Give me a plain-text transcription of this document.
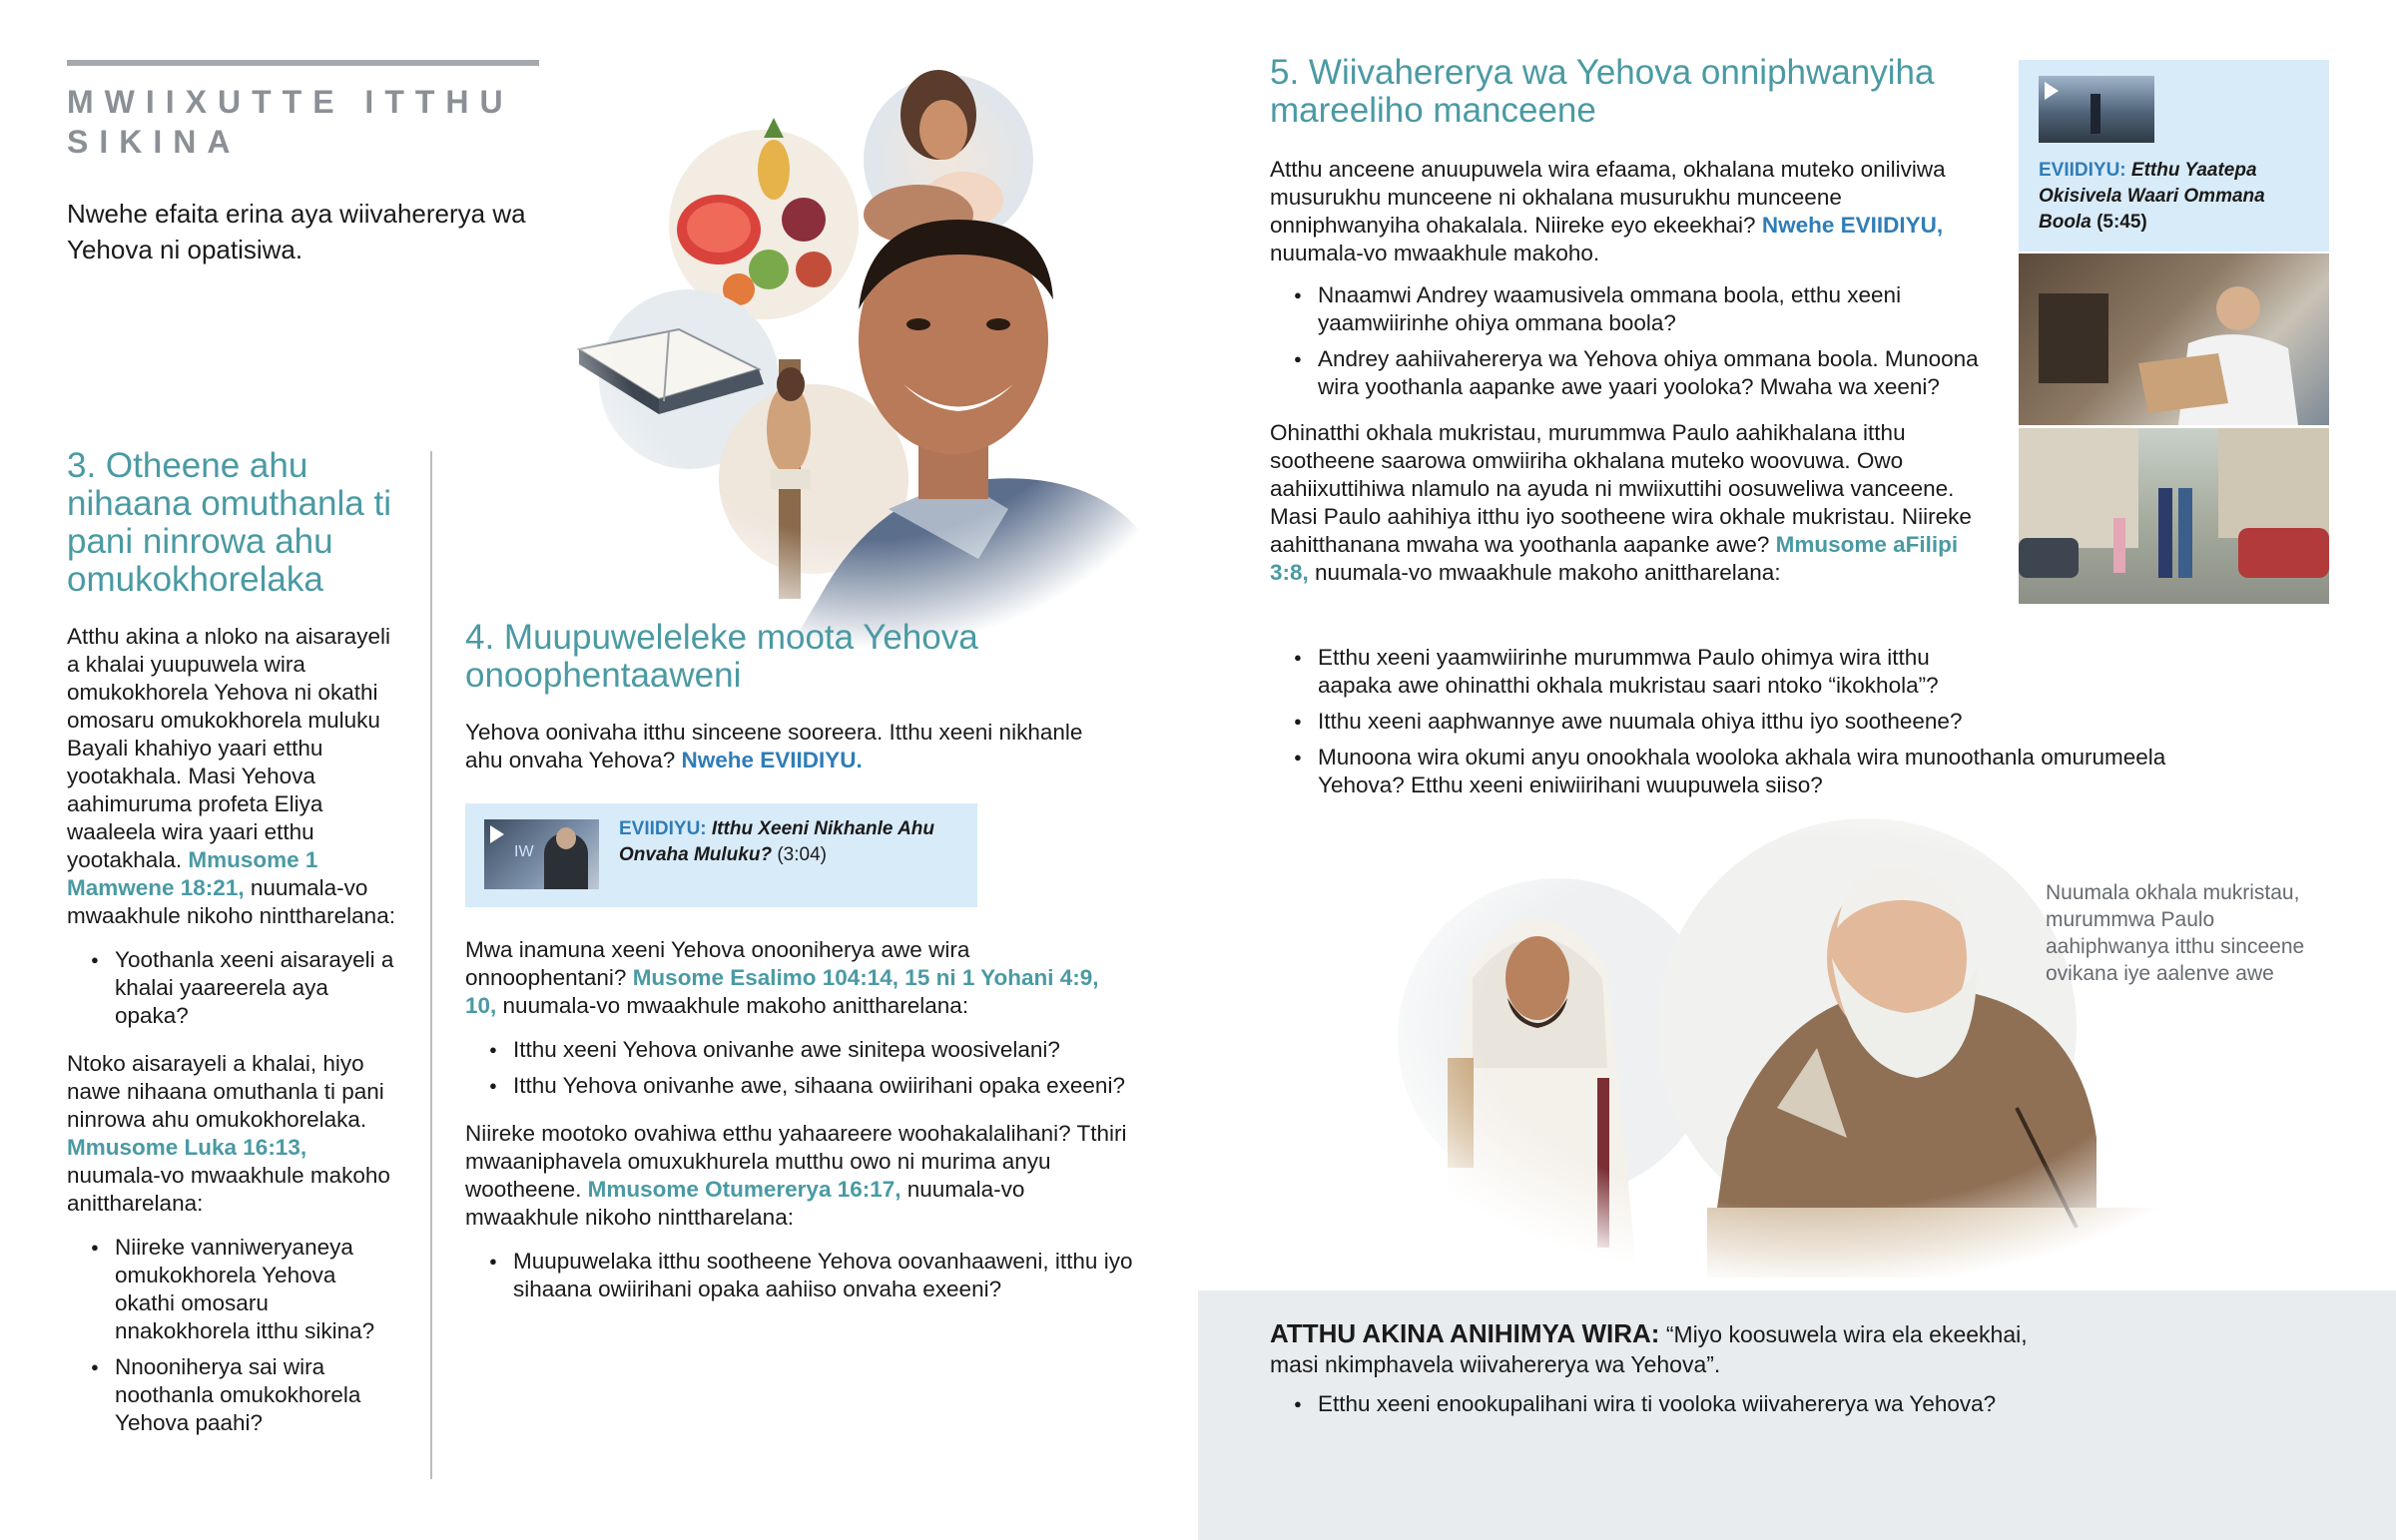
MWIIXUTTE ITTHU SIKINA
Nwehe efaita erina aya wiivahererya wa Yehova ni opatisiwa.
3. Otheene ahu nihaana omuthanla ti pani ninrowa ahu omukokhorelaka

Atthu akina a nloko na aisarayeli a khalai yuupuwela wira omukokhorela Yehova ni okathi omosaru omukokhorela muluku Bayali khahiyo yaari etthu yootakhala. Masi Yehova aahimuruma profeta Eliya waaleela wira yaari etthu yootakhala. Mmusome 1 Mamwene 18:21, nuumala-vo mwaakhule nikoho ninttharelana:

● Yoothanla xeeni aisarayeli a khalai yaareerela aya opaka?

Ntoko aisarayeli a khalai, hiyo nawe nihaana omuthanla ti pani ninrowa ahu omukokhorelaka. Mmusome Luka 16:13, nuumala-vo mwaakhule makoho anittharelana:

● Niireke vanniweryaneya omukokhorela Yehova okathi omosaru nnakokhorela itthu sikina?
● Nnooniherya sai wira noothanla omukokhorela Yehova paahi?
4. Muupuweleleke moota Yehova onoophentaaweni
Yehova oonivaha itthu sinceene sooreera. Itthu xeeni nikhanle ahu onvaha Yehova? Nwehe EVIIDIYU.
IW
EVIIDIYU: Itthu Xeeni Nikhanle Ahu Onvaha Muluku? (3:04)

Mwa inamuna xeeni Yehova onooniherya awe wira onnoophentani? Musome Esalimo 104:14, 15 ni 1 Yohani 4:9, 10, nuumala-vo mwaakhule makoho anittharelana:

● Itthu xeeni Yehova onivanhe awe sinitepa woosivelani?
● Itthu Yehova onivanhe awe, sihaana owiirihani opaka exeeni?

Niireke mootoko ovahiwa etthu yahaareere woohakalalihani? Tthiri mwaaniphavela omuxukhurela mutthu owo ni murima anyu wootheene. Mmusome Otumererya 16:17, nuumala-vo mwaakhule nikoho ninttharelana:

● Muupuwelaka itthu sootheene Yehova oovanhaaweni, itthu iyo sihaana owiirihani opaka aahiiso onvaha exeeni?
5. Wiivahererya wa Yehova onniphwanyiha mareeliho manceene

Atthu anceene anuupuwela wira efaama, okhalana muteko oniliviwa musurukhu munceene ni okhalana musurukhu munceene onniphwanyiha ohakalala. Niireke eyo ekeekhai? Nwehe EVIIDIYU, nuumala-vo mwaakhule makoho.

● Nnaamwi Andrey waamusivela ommana boola, etthu xeeni yaamwiirinhe ohiya ommana boola?
● Andrey aahiivahererya wa Yehova ohiya ommana boola. Munoona wira yoothanla aapanke awe yaari yooloka? Mwaha wa xeeni?

Ohinatthi okhala mukristau, murummwa Paulo aahikhalana itthu sootheene saarowa omwiiriha okhalana muteko woovuwa. Owo aahiixuttihiwa nlamulo na ayuda ni mwiixuttihi oosuweliwa vanceene. Masi Paulo aahihiya itthu iyo sootheene wira okhale mukristau. Niireke aahitthanana mwaha wa yoothanla aapanke awe? Mmusome aFilipi 3:8, nuumala-vo mwaakhule makoho anittharelana:

● Etthu xeeni yaamwiirinhe murummwa Paulo ohimya wira itthu aapaka awe ohinatthi okhala mukristau saari ntoko “ikokhola”?
● Itthu xeeni aaphwannye awe nuumala ohiya itthu iyo sootheene?
● Munoona wira okumi anyu onookhala wooloka akhala wira munoothanla omurumeela Yehova? Etthu xeeni eniwiirihani wuupuwela siiso?
EVIIDIYU: Etthu Yaatepa Okisivela Waari Ommana Boola (5:45)
Nuumala okhala mukristau, murummwa Paulo aahiphwanya itthu sinceene ovikana iye aalenve awe
ATTHU AKINA ANIHIMYA WIRA: “Miyo koosuwela wira ela ekeekhai, masi nkimphavela wiivahererya wa Yehova”.
● Etthu xeeni enookupalihani wira ti vooloka wiivahererya wa Yehova?
